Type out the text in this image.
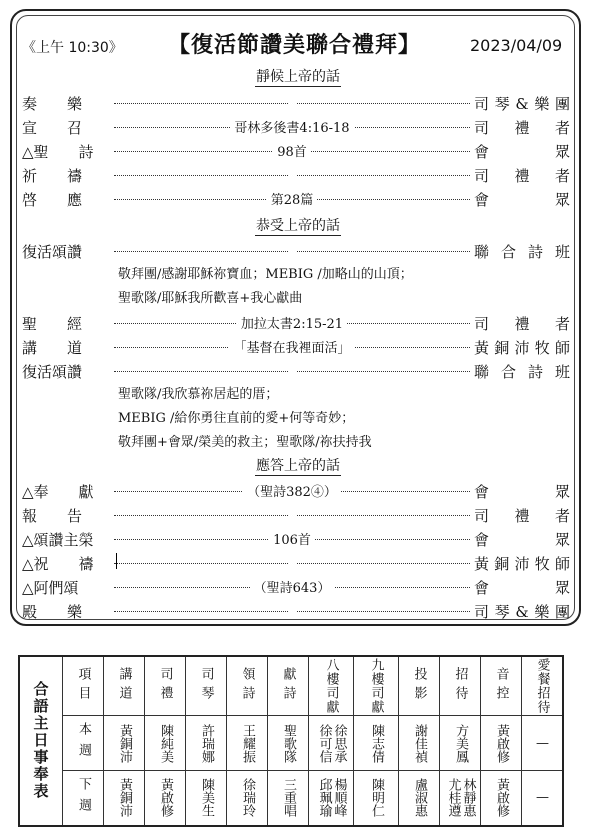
《上午 10:30》 【復活節讚美聯合禮拜】	2023/04/09
靜候上帝的話
恭受上帝的話
應答上帝的話
奏　　樂	司琴&樂團
宣　　召	哥林多後書4:16-18	司禮者
△聖　　詩	98首	會眾
祈　　禱	司禮者
啓　　應	第28篇	會眾
復活頌讚	聯合詩班
聖　　經	加拉太書2:15-21	司禮者
講　　道	「基督在我裡面活」	黃銅沛牧師
復活頌讚	聯合詩班
△奉　　獻	（聖詩382④）	會眾
報　　告	司禮者
△頌讚主榮	106首	會眾
△祝　　禱	黃銅沛牧師
△阿們頌	（聖詩643）	會眾
殿　　樂	司琴&樂團
敬拜團/感謝耶穌祢寶血；MEBIG /加略山的山頂；
聖歌隊/耶穌我所歡喜+我心獻曲
聖歌隊/我欣慕祢居起的厝；
MEBIG /給你勇往直前的愛+何等奇妙；
敬拜團+會眾/榮美的救主；聖歌隊/祢扶持我
合語主日事奉表	項目	講道	司禮	司琴	領詩	獻詩	八樓司獻	九樓司獻	投影	招待	音控	愛餐招待
	本週	黃銅沛	陳純美	許瑞娜	王耀振	聖歌隊	徐可信 徐思承	陳志倩	謝佳禎	方美鳳	黃啟修	—

	下週	黃銅沛	黃啟修	陳美生	徐瑞玲	三重唱	邱珮瑜 楊順峰	陳明仁	盧淑惠	尤桂遵 林靜惠	黃啟修	—
